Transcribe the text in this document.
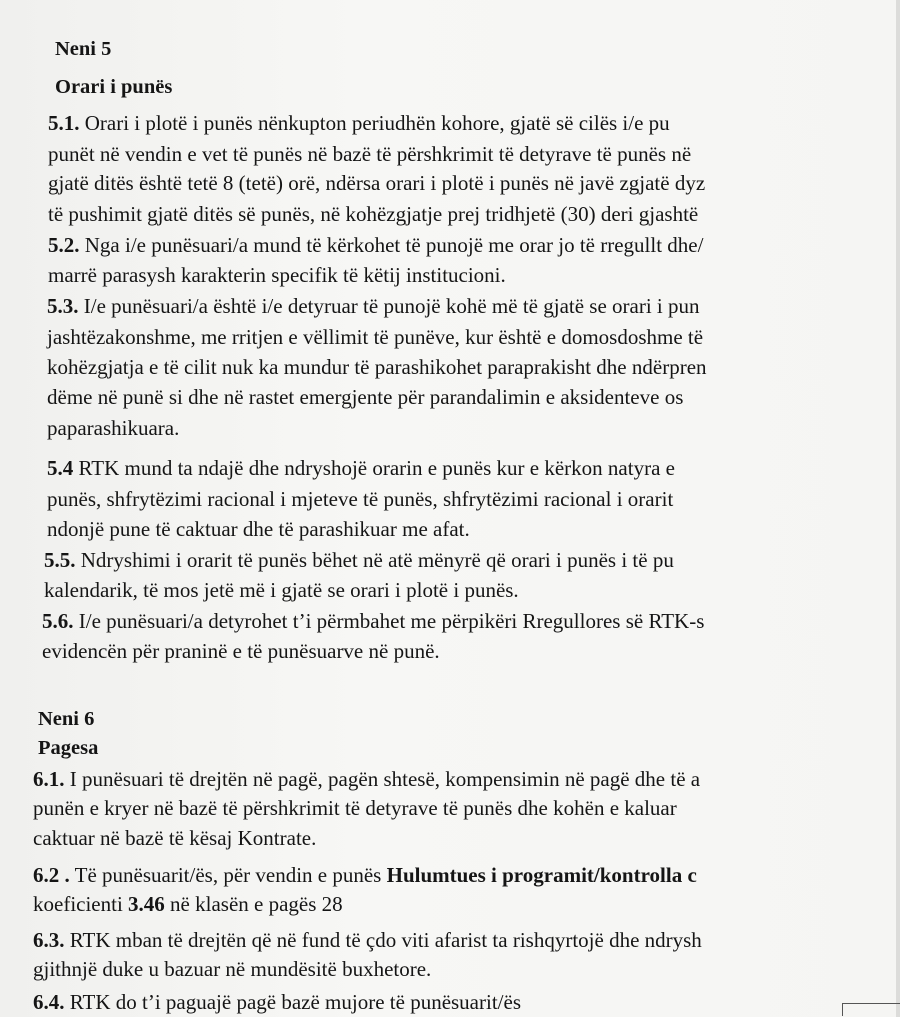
Neni 5
Orari i punës
5.1. Orari i plotë i punës nënkupton periudhën kohore, gjatë së cilës i/e pu
punët në vendin e vet të punës në bazë të përshkrimit të detyrave të punës në
gjatë ditës është tetë 8 (tetë) orë, ndërsa orari i plotë i punës në javë zgjatë dyz
të pushimit gjatë ditës së punës, në kohëzgjatje prej tridhjetë (30) deri gjashtë
5.2. Nga i/e punësuari/a mund të kërkohet të punojë me orar jo të rregullt dhe/
marrë parasysh karakterin specifik të këtij institucioni.
5.3. I/e punësuari/a është i/e detyruar të punojë kohë më të gjatë se orari i pun
jashtëzakonshme, me rritjen e vëllimit të punëve, kur është e domosdoshme të
kohëzgjatja e të cilit nuk ka mundur të parashikohet paraprakisht dhe ndërpren
dëme në punë si dhe në rastet emergjente për parandalimin e aksidenteve os
paparashikuara.
5.4 RTK mund ta ndajë dhe ndryshojë orarin e punës kur e kërkon natyra e
punës, shfrytëzimi racional i mjeteve të punës, shfrytëzimi racional i orarit
ndonjë pune të caktuar dhe të parashikuar me afat.
5.5. Ndryshimi i orarit të punës bëhet në atë mënyrë që orari i punës i të pu
kalendarik, të mos jetë më i gjatë se orari i plotë i punës.
5.6. I/e punësuari/a detyrohet t’i përmbahet me përpikëri Rregullores së RTK-s
evidencën për praninë e të punësuarve në punë.
Neni 6
Pagesa
6.1. I punësuari të drejtën në pagë, pagën shtesë, kompensimin në pagë dhe të a
punën e kryer në bazë të përshkrimit të detyrave të punës dhe kohën e kaluar
caktuar në bazë të kësaj Kontrate.
6.2 . Të punësuarit/ës, për vendin e punës Hulumtues i programit/kontrolla c
koeficienti 3.46 në klasën e pagës 28
6.3. RTK mban të drejtën që në fund të çdo viti afarist ta rishqyrtojë dhe ndrysh
gjithnjë duke u bazuar në mundësitë buxhetore.
6.4. RTK do t’i paguajë pagë bazë mujore të punësuarit/ës
